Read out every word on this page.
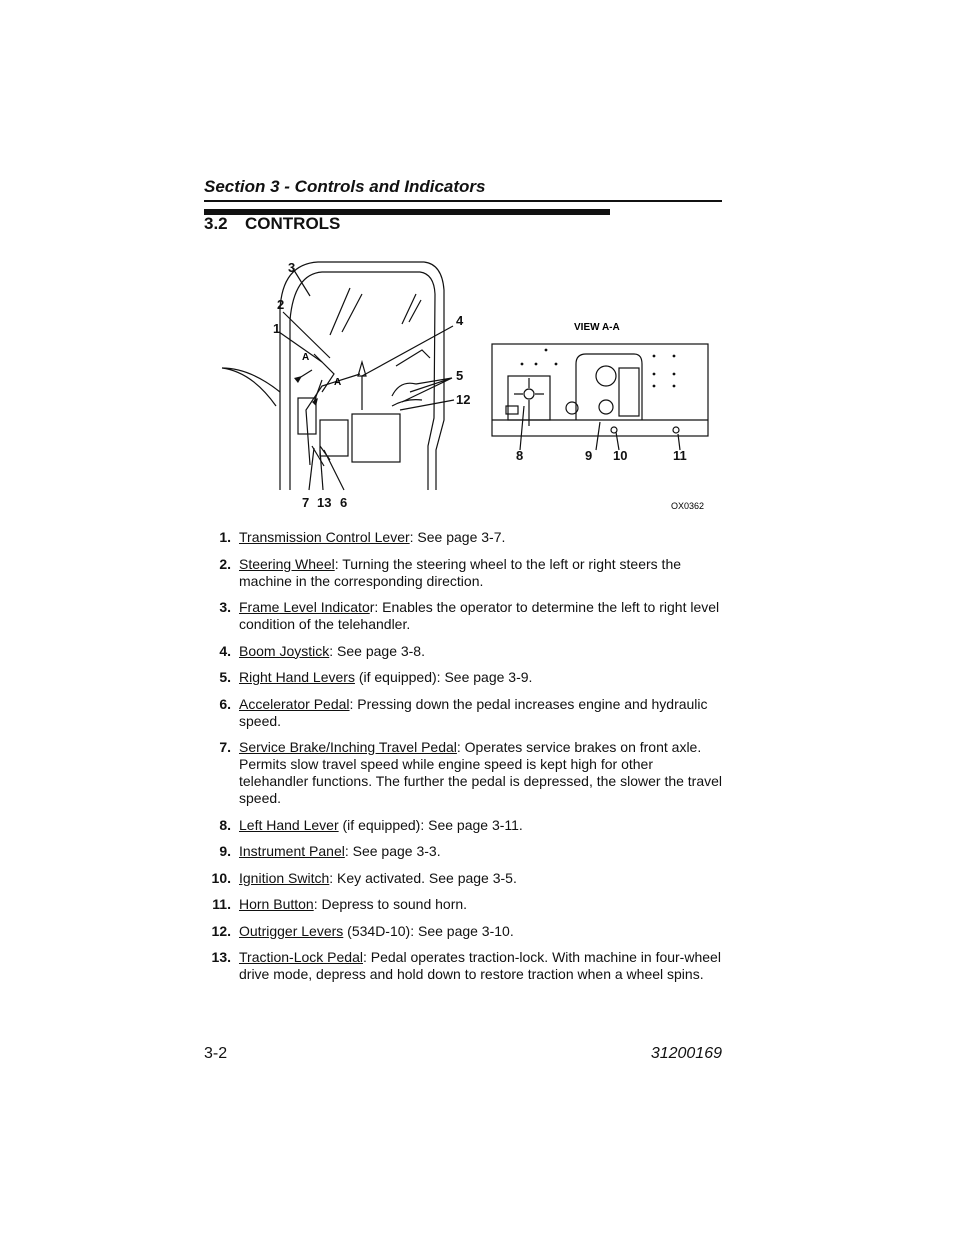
Section 3 - Controls and Indicators
3.2 CONTROLS
3
2
1
4
5
12
7 13 6
A
A
VIEW A-A
8	9 10	11
OX0362
1. Transmission Control Lever: See page 3-7.
2. Steering Wheel: Turning the steering wheel to the left or right steers the machine in the corresponding direction.
3. Frame Level Indicator: Enables the operator to determine the left to right level condition of the telehandler.
4. Boom Joystick: See page 3-8.
5. Right Hand Levers (if equipped): See page 3-9.
6. Accelerator Pedal: Pressing down the pedal increases engine and hydraulic speed.
7. Service Brake/Inching Travel Pedal: Operates service brakes on front axle. Permits slow travel speed while engine speed is kept high for other telehandler functions. The further the pedal is depressed, the slower the travel speed.
8. Left Hand Lever (if equipped): See page 3-11.
9. Instrument Panel: See page 3-3.
10. Ignition Switch: Key activated. See page 3-5.
11. Horn Button: Depress to sound horn.
12. Outrigger Levers (534D-10): See page 3-10.
13. Traction-Lock Pedal: Pedal operates traction-lock. With machine in four-wheel drive mode, depress and hold down to restore traction when a wheel spins.
3-2	31200169
